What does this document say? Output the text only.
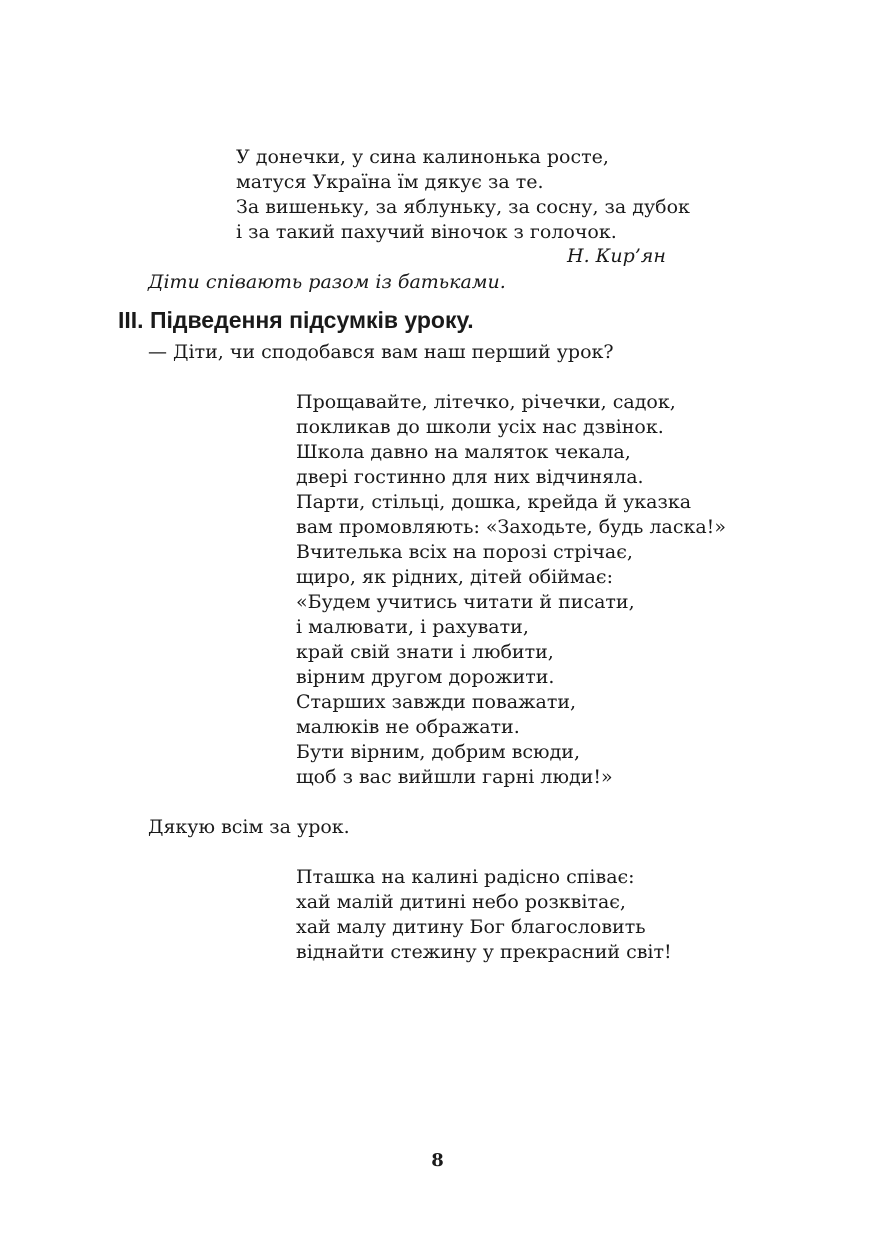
У донечки, у сина калинонька росте,
матуся Україна їм дякує за те.
За вишеньку, за яблуньку, за сосну, за дубок
і за такий пахучий віночок з голочок.
Н. Кир’ян
Діти співають разом із батьками.
ІІІ. Підведення підсумків уроку.
— Діти, чи сподобався вам наш перший урок?
Прощавайте, літечко, річечки, садок,
покликав до школи усіх нас дзвінок.
Школа давно на маляток чекала,
двері гостинно для них відчиняла.
Парти, стільці, дошка, крейда й указка
вам промовляють: «Заходьте, будь ласка!»
Вчителька всіх на порозі стрічає,
щиро, як рідних, дітей обіймає:
«Будем учитись читати й писати,
і малювати, і рахувати,
край свій знати і любити,
вірним другом дорожити.
Старших завжди поважати,
малюків не ображати.
Бути вірним, добрим всюди,
щоб з вас вийшли гарні люди!»
Дякую всім за урок.
Пташка на калині радісно співає:
хай малій дитині небо розквітає,
хай малу дитину Бог благословить
віднайти стежину у прекрасний світ!
8
